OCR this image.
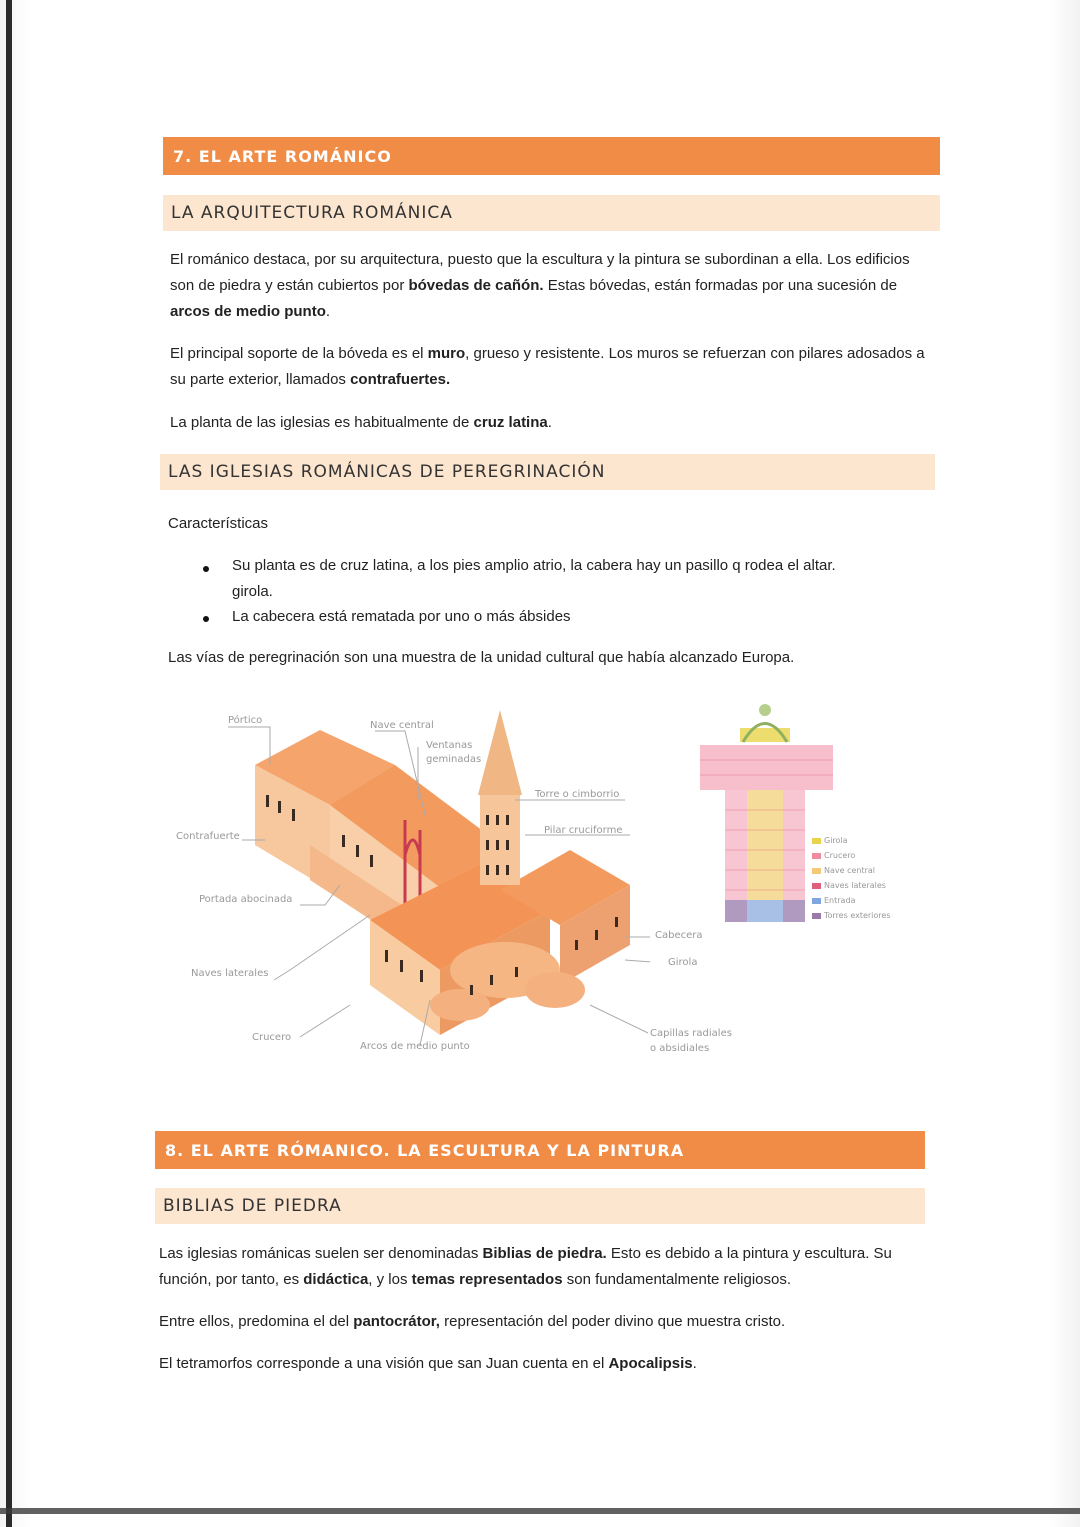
7. EL ARTE ROMÁNICO
LA ARQUITECTURA ROMÁNICA
El románico destaca, por su arquitectura, puesto que la escultura y la pintura se subordinan a ella. Los edificios son de piedra y están cubiertos por bóvedas de cañón. Estas bóvedas, están formadas por una sucesión de arcos de medio punto.
El principal soporte de la bóveda es el muro, grueso y resistente. Los muros se refuerzan con pilares adosados a su parte exterior, llamados contrafuertes.
La planta de las iglesias es habitualmente de cruz latina.
LAS IGLESIAS ROMÁNICAS DE PEREGRINACIÓN
Características
Su planta es de cruz latina, a los pies amplio atrio, la cabera hay un pasillo q rodea el altar.
girola.
La cabecera está rematada por uno o más ábsides
Las vías de peregrinación son una muestra de la unidad cultural que había alcanzado Europa.
Pórtico	Nave central
Ventanas
geminadas
Torre o cimborrio
Pilar cruciforme
Contrafuerte
Portada abocinada
Naves laterales
Crucero
Arcos de medio punto
Cabecera
Girola
Capillas radiales
o absidiales
Girola
Crucero
Nave central
Naves laterales
Entrada
Torres exteriores
8. EL ARTE RÓMANICO. LA ESCULTURA Y LA PINTURA
BIBLIAS DE PIEDRA
Las iglesias románicas suelen ser denominadas Biblias de piedra. Esto es debido a la pintura y escultura. Su función, por tanto, es didáctica, y los temas representados son fundamentalmente religiosos.
Entre ellos, predomina el del pantocrátor, representación del poder divino que muestra cristo.
El tetramorfos corresponde a una visión que san Juan cuenta en el Apocalipsis.
